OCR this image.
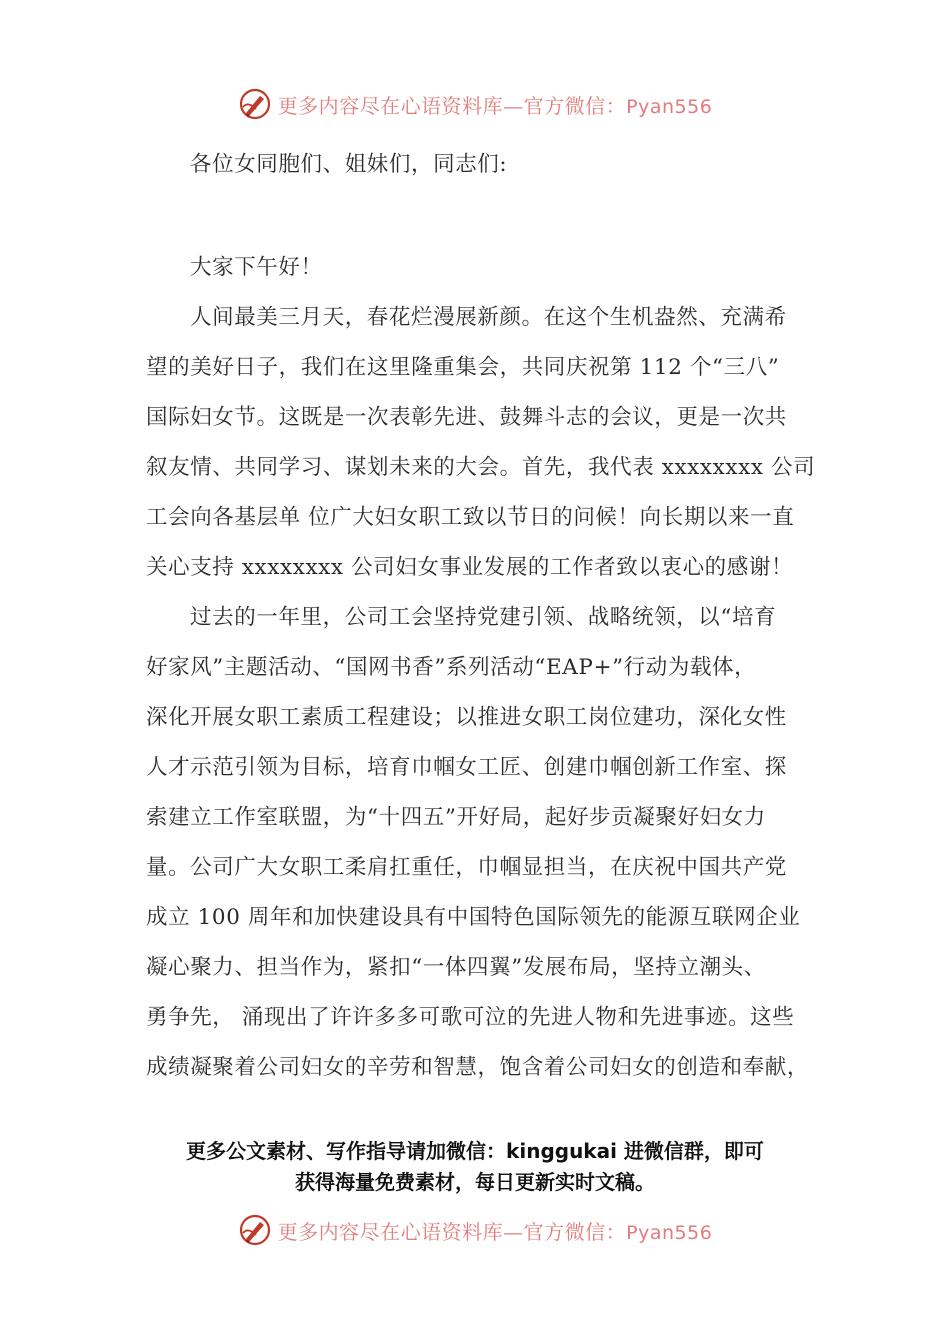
更多内容尽在心语资料库—官方微信：Pyan556
各位女同胞们、姐妹们，同志们:
大家下午好！
人间最美三月天，春花烂漫展新颜。在这个生机盎然、充满希
望的美好日子，我们在这里隆重集会，共同庆祝第 112 个“三八”
国际妇女节。这既是一次表彰先进、鼓舞斗志的会议，更是一次共
叙友情、共同学习、谋划未来的大会。首先，我代表 xxxxxxxx 公司
工会向各基层单 位广大妇女职工致以节日的问候！向长期以来一直
关心支持 xxxxxxxx 公司妇女事业发展的工作者致以衷心的感谢！
过去的一年里，公司工会坚持党建引领、战略统领，以“培育
好家风”主题活动、“国网书香”系列活动“EAP+”行动为载体，
深化开展女职工素质工程建设；以推进女职工岗位建功，深化女性
人才示范引领为目标，培育巾帼女工匠、创建巾帼创新工作室、探
索建立工作室联盟，为“十四五”开好局，起好步贡凝聚好妇女力
量。公司广大女职工柔肩扛重任，巾帼显担当，在庆祝中国共产党
成立 100 周年和加快建设具有中国特色国际领先的能源互联网企业
凝心聚力、担当作为，紧扣“一体四翼”发展布局，坚持立潮头、
勇争先， 涌现出了许许多多可歌可泣的先进人物和先进事迹。这些
成绩凝聚着公司妇女的辛劳和智慧，饱含着公司妇女的创造和奉献，
更多公文素材、写作指导请加微信：kinggukai 进微信群，即可
获得海量免费素材，每日更新实时文稿。
更多内容尽在心语资料库—官方微信：Pyan556
